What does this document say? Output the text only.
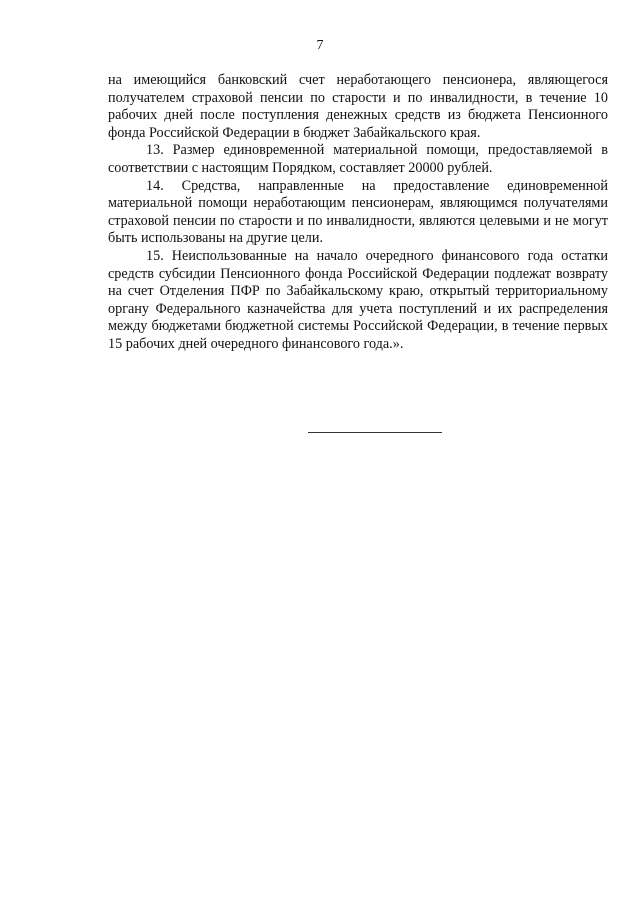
7

на имеющийся банковский счет неработающего пенсионера, являющегося получателем страховой пенсии по старости и по инвалидности, в течение 10 рабочих дней после поступления денежных средств из бюджета Пенсионного фонда Российской Федерации в бюджет Забайкальского края.

13. Размер единовременной материальной помощи, предоставляемой в соответствии с настоящим Порядком, составляет 20000 рублей.

14. Средства, направленные на предоставление единовременной материальной помощи неработающим пенсионерам, являющимся получателями страховой пенсии по старости и по инвалидности, являются целевыми и не могут быть использованы на другие цели.

15. Неиспользованные на начало очередного финансового года остатки средств субсидии Пенсионного фонда Российской Федерации подлежат возврату на счет Отделения ПФР по Забайкальскому краю, открытый территориальному органу Федерального казначейства для учета поступлений и их распределения между бюджетами бюджетной системы Российской Федерации, в течение первых 15 рабочих дней очередного финансового года.».
